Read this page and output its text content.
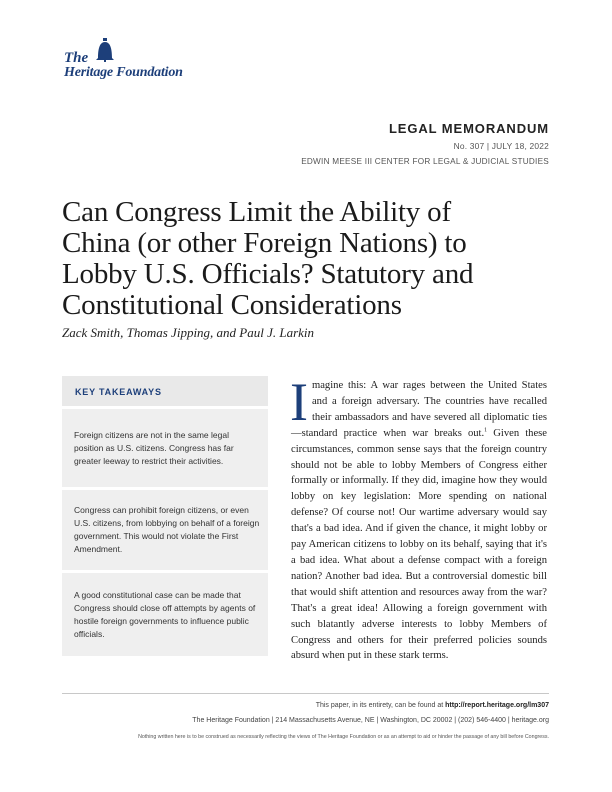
The
Heritage Foundation
LEGAL MEMORANDUM
No. 307 | JULY 18, 2022
EDWIN MEESE III CENTER FOR LEGAL & JUDICIAL STUDIES
Can Congress Limit the Ability of
China (or other Foreign Nations) to
Lobby U.S. Officials? Statutory and
Constitutional Considerations
Zack Smith, Thomas Jipping, and Paul J. Larkin
KEY TAKEAWAYS
Foreign citizens are not in the same legal position as U.S. citizens. Congress has far greater leeway to restrict their activities.
Congress can prohibit foreign citizens, or even U.S. citizens, from lobbying on behalf of a foreign government. This would not violate the First Amendment.
A good constitutional case can be made that Congress should close off attempts by agents of hostile foreign governments to influence public officials.
Imagine this: A war rages between the United States and a foreign adversary. The countries have recalled their ambassadors and have severed all diplomatic ties—standard practice when war breaks out.$^1$ Given these circumstances, common sense says that the foreign country should not be able to lobby Members of Congress either formally or informally. If they did, imagine how they would lobby on key legislation: More spending on national defense? Of course not! Our wartime adversary would say that's a bad idea. And if given the chance, it might lobby or pay American citizens to lobby on its behalf, saying that it's a bad idea. What about a defense compact with a foreign nation? Another bad idea. But a controversial domestic bill that would shift attention and resources away from the war? That's a great idea! Allowing a foreign government with such blatantly adverse interests to lobby Members of Congress and others for their preferred policies sounds absurd when put in these stark terms.
This paper, in its entirety, can be found at http://report.heritage.org/lm307
The Heritage Foundation | 214 Massachusetts Avenue, NE | Washington, DC 20002 | (202) 546-4400 | heritage.org
Nothing written here is to be construed as necessarily reflecting the views of The Heritage Foundation or as an attempt to aid or hinder the passage of any bill before Congress.
